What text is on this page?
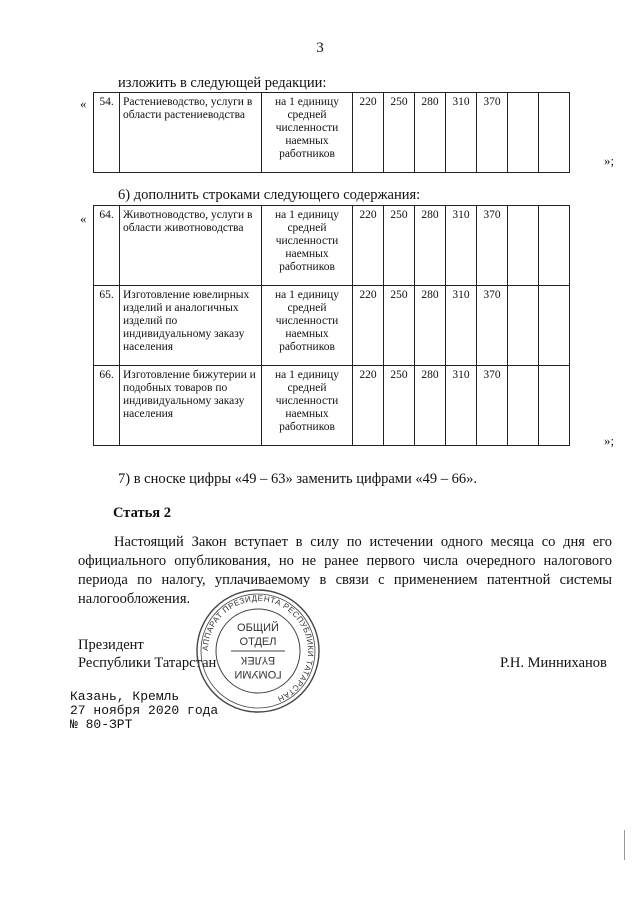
3
изложить в следующей редакции:
« 54.	Растениеводство, услуги в области растениеводства	на 1 единицу средней численности наемных работников	220	250	280	310	370		
»;
6) дополнить строками следующего содержания:
« 64.	Животноводство, услуги в области животноводства	на 1 единицу средней численности наемных работников	220	250	280	310	370		
65.	Изготовление ювелирных изделий и аналогичных изделий по индивидуальному заказу населения	на 1 единицу средней численности наемных работников	220	250	280	310	370		
66.	Изготовление бижутерии и подобных товаров по индивидуальному заказу населения	на 1 единицу средней численности наемных работников	220	250	280	310	370		
»;
7) в сноске цифры «49 – 63» заменить цифрами «49 – 66».
Статья 2
Настоящий Закон вступает в силу по истечении одного месяца со дня его официального опубликования, но не ранее первого числа очередного налогового периода по налогу, уплачиваемому в связи с применением патентной системы налогообложения.
Президент
Республики Татарстан	Р.Н. Минниханов
АППАРАТ ПРЕЗИДЕНТА РЕСПУБЛИКИ ТАТАРСТАН
ОБЩИЙ
ОТДЕЛ
ГОМУМИ
БҮЛЕК
Казань, Кремль
27 ноября 2020 года
№ 80-ЗРТ
